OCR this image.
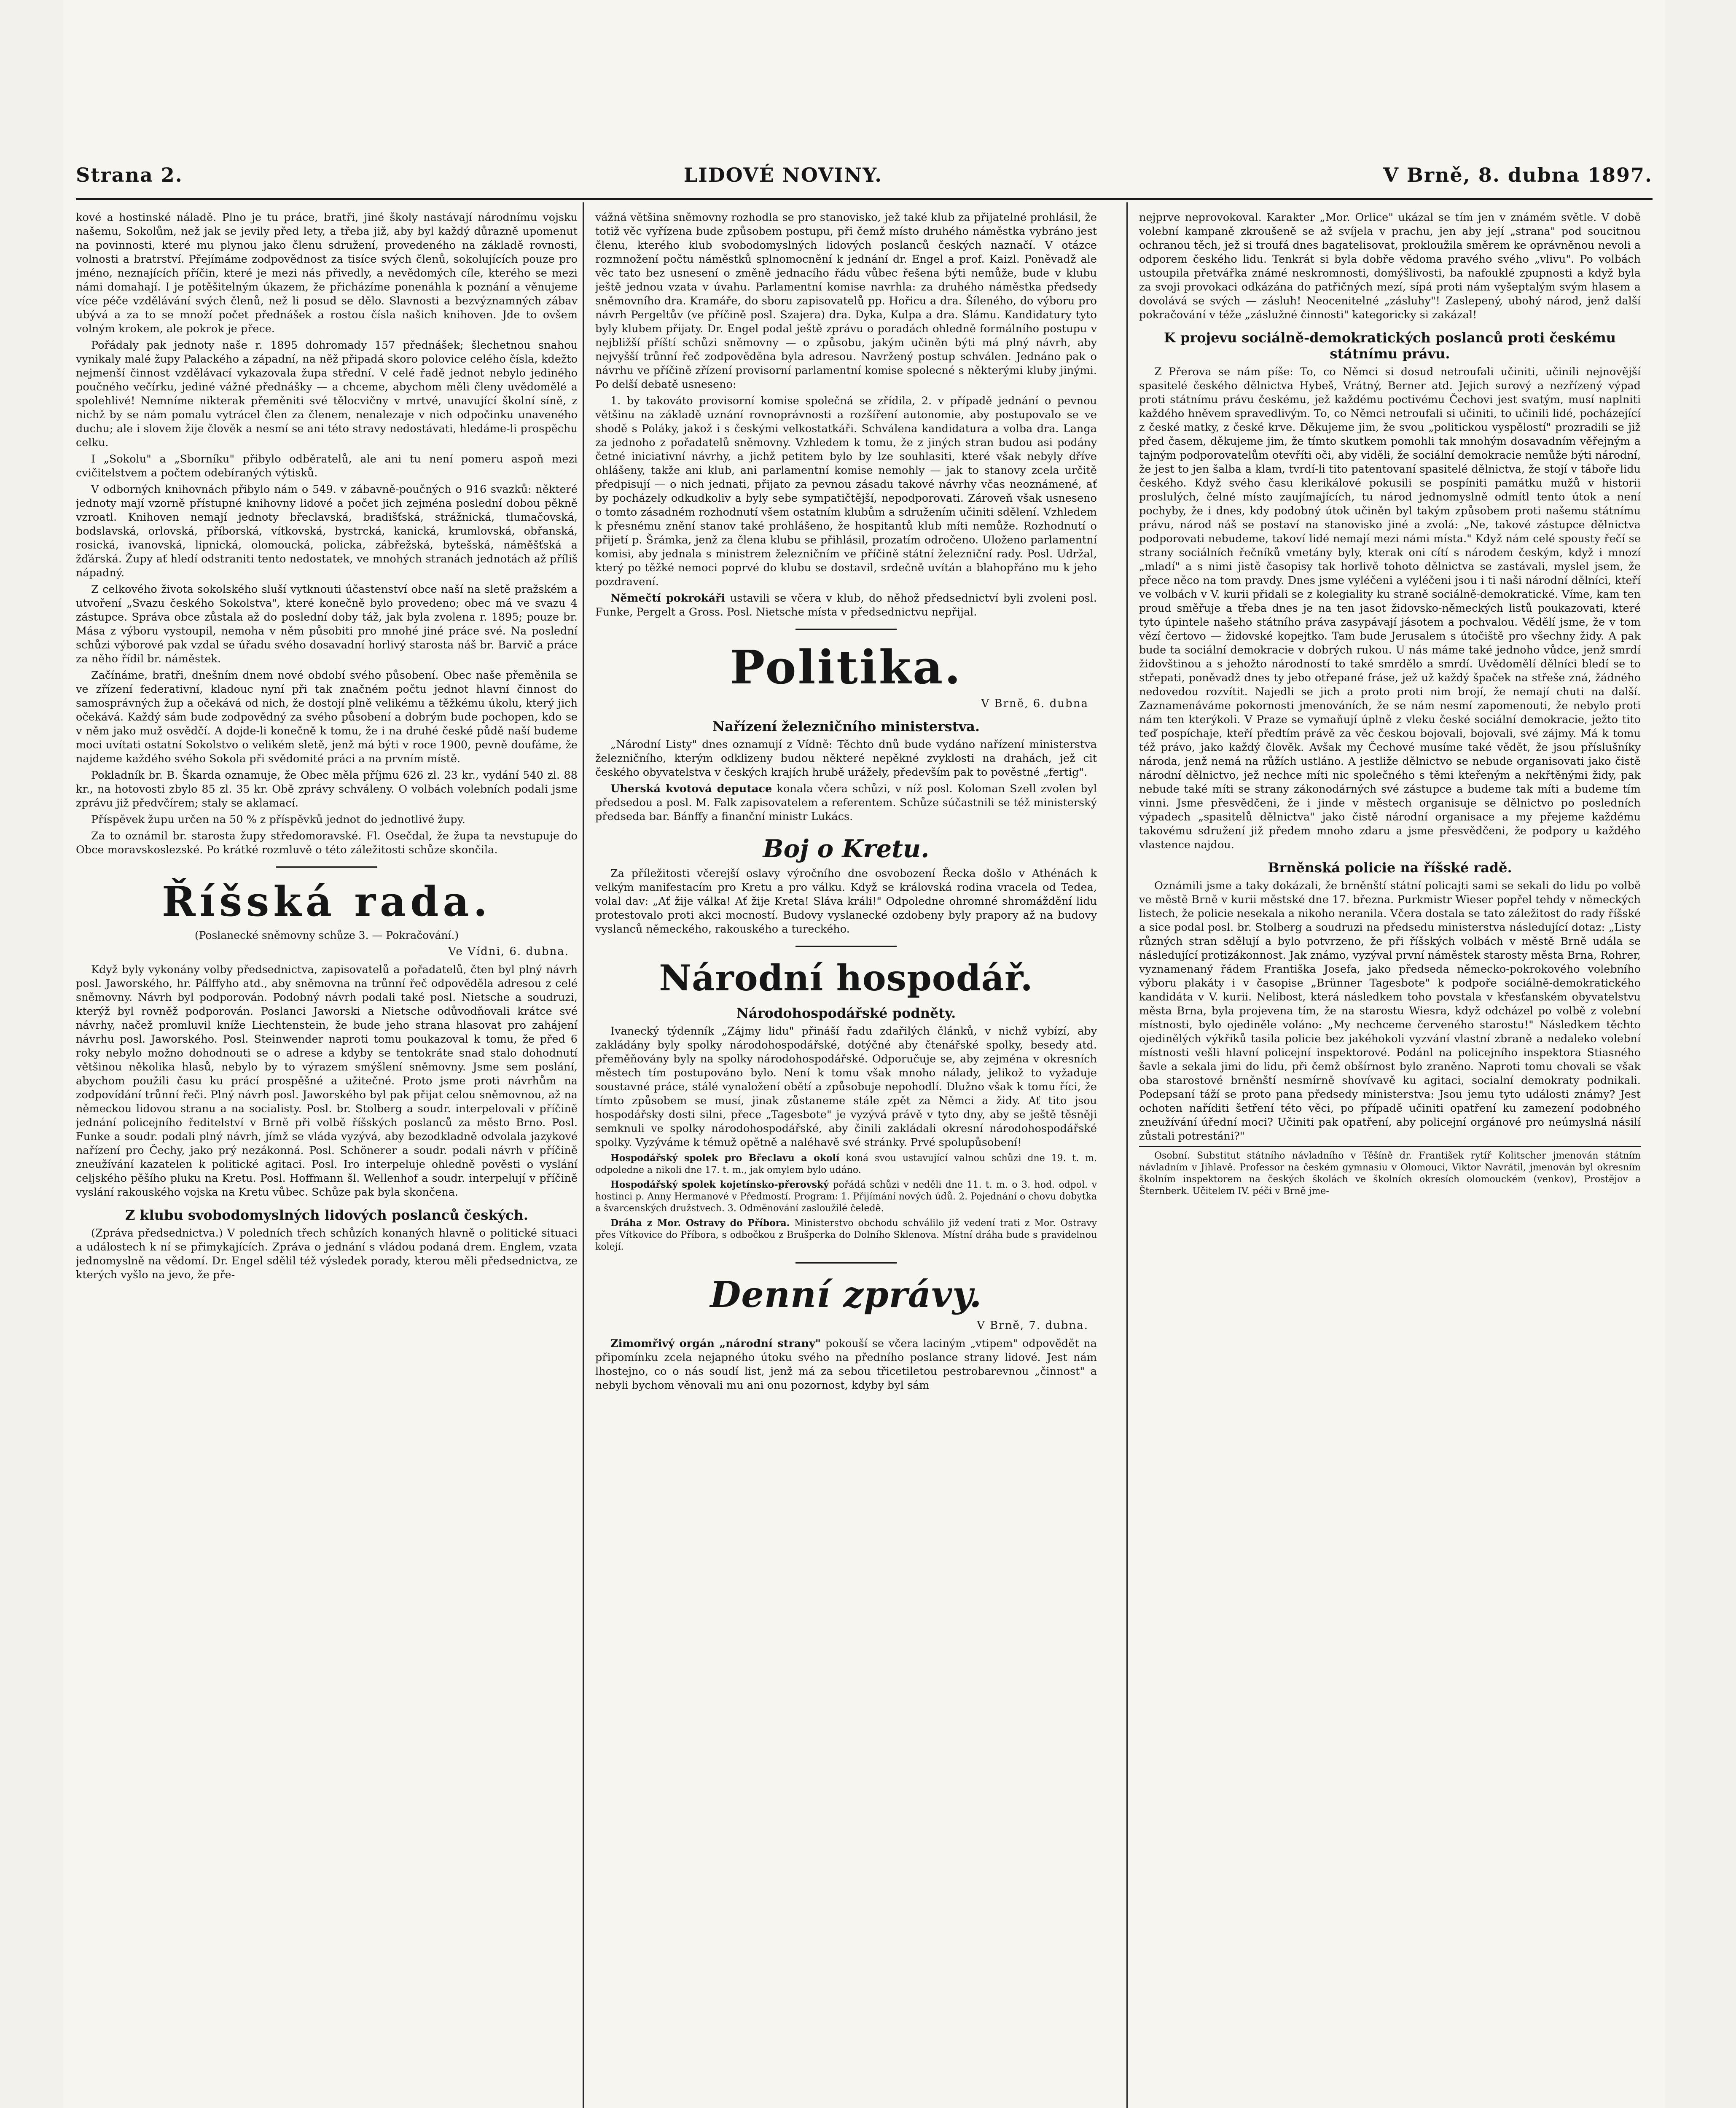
Strana 2.	LIDOVÉ NOVINY.	V Brně, 8. dubna 1897.

kové a hostinské náladě. Plno je tu práce, bratři, jiné školy nastávají národnímu vojsku našemu, Sokolům, než jak se jevily před lety, a třeba již, aby byl každý důrazně upomenut na povinnosti, které mu plynou jako členu sdružení, provedeného na základě rovnosti, volnosti a bratrství. Přejímáme zodpovědnost za tisíce svých členů, sokolujících pouze pro jméno, neznajících příčin, které je mezi nás přivedly, a nevědomých cíle, kterého se mezi námi domahají. I je potěšitelným úkazem, že přicházíme ponenáhla k poznání a věnujeme více péče vzdělávání svých členů, než li posud se dělo. Slavnosti a bezvýznamných zábav ubývá a za to se množí počet přednášek a rostou čísla našich knihoven. Jde to ovšem volným krokem, ale pokrok je přece.

Pořádaly pak jednoty naše r. 1895 dohromady 157 přednášek; šlechetnou snahou vynikaly malé župy Palackého a západní, na něž připadá skoro polovice celého čísla, kdežto nejmenší činnost vzdělávací vykazovala župa střední. V celé řadě jednot nebylo jediného poučného večírku, jediné vážné přednášky — a chceme, abychom měli členy uvědomělé a spolehlivé! Nemníme nikterak přeměniti své tělocvičny v mrtvé, unavující školní síně, z nichž by se nám pomalu vytrácel člen za členem, nenalezaje v nich odpočinku unaveného duchu; ale i slovem žije člověk a nesmí se ani této stravy nedostávati, hledáme-li prospěchu celku.

I „Sokolu" a „Sborníku" přibylo odběratelů, ale ani tu není pomeru aspoň mezi cvičitelstvem a počtem odebíraných výtisků.

V odborných knihovnách přibylo nám o 549. v zábavně-poučných o 916 svazků: některé jednoty mají vzorně přístupné knihovny lidové a počet jich zejména poslední dobou pěkně vzroatl. Knihoven nemají jednoty břeclavská, bradišťská, strážnická, tlumačovská, bodslavská, orlovská, příborská, vítkovská, bystrcká, kanická, krumlovská, obřanská, rosická, ivanovská, lipnická, olomoucká, policka, zábřežská, bytešská, náměšťská a žďárská. Župy ať hledí odstraniti tento nedostatek, ve mnohých stranách jednotách až příliš nápadný.

Z celkového života sokolského sluší vytknouti účastenství obce naší na sletě pražském a utvoření „Svazu českého Sokolstva", které konečně bylo provedeno; obec má ve svazu 4 zástupce. Správa obce zůstala až do poslední doby táž, jak byla zvolena r. 1895; pouze br. Mása z výboru vystoupil, nemoha v něm působiti pro mnohé jiné práce své. Na poslední schůzi výborové pak vzdal se úřadu svého dosavadní horlivý starosta náš br. Barvič a práce za něho řídil br. náměstek.

Začínáme, bratři, dnešním dnem nové období svého působení. Obec naše přeměnila se ve zřízení federativní, kladouc nyní při tak značném počtu jednot hlavní činnost do samosprávných žup a očekává od nich, že dostojí plně velikému a těžkému úkolu, který jich očekává. Každý sám bude zodpovědný za svého působení a dobrým bude pochopen, kdo se v něm jako muž osvědčí. A dojde-li konečně k tomu, že i na druhé české půdě naší budeme moci uvítati ostatní Sokolstvo o velikém sletě, jenž má býti v roce 1900, pevně doufáme, že najdeme každého svého Sokola při svědomité práci a na prvním místě.

Pokladník br. B. Škarda oznamuje, že Obec měla příjmu 626 zl. 23 kr., vydání 540 zl. 88 kr., na hotovosti zbylo 85 zl. 35 kr. Obě zprávy schváleny. O volbách volebních podali jsme zprávu již předvčírem; staly se aklamací.

Příspěvek župu určen na 50 % z příspěvků jednot do jednotlivé župy.

Za to oznámil br. starosta župy středomoravské. Fl. Osečdal, že župa ta nevstupuje do Obce moravskoslezské. Po krátké rozmluvě o této záležitosti schůze skončila.

Říšská rada.
(Poslanecké sněmovny schůze 3. — Pokračování.)
Ve Vídni, 6. dubna.

Když byly vykonány volby předsednictva, zapisovatelů a pořadatelů, čten byl plný návrh posl. Jaworského, hr. Pálffyho atd., aby sněmovna na trůnní řeč odpověděla adresou z celé sněmovny. Návrh byl podporován. Podobný návrh podali také posl. Nietsche a soudruzi, kterýž byl rovněž podporován. Poslanci Jaworski a Nietsche odůvodňovali krátce své návrhy, načež promluvil kníže Liechtenstein, že bude jeho strana hlasovat pro zahájení návrhu posl. Jaworského. Posl. Steinwender naproti tomu poukazoval k tomu, že před 6 roky nebylo možno dohodnouti se o adrese a kdyby se tentokráte snad stalo dohodnutí většinou několika hlasů, nebylo by to výrazem smýšlení sněmovny. Jsme sem poslání, abychom použili času ku prácí prospěšné a užitečné. Proto jsme proti návrhům na zodpovídání trůnní řeči. Plný návrh posl. Jaworského byl pak přijat celou sněmovnou, až na německou lidovou stranu a na socialisty. Posl. br. Stolberg a soudr. interpelovali v příčině jednání policejního ředitelství v Brně při volbě říšských poslanců za město Brno. Posl. Funke a soudr. podali plný návrh, jímž se vláda vyzývá, aby bezodkladně odvolala jazykové nařízení pro Čechy, jako prý nezákonná. Posl. Schönerer a soudr. podali návrh v příčině zneužívání kazatelen k politické agitaci. Posl. Iro interpeluje ohledně pověsti o vyslání celjského pěšího pluku na Kretu. Posl. Hoffmann šl. Wellenhof a soudr. interpelují v příčině vyslání rakouského vojska na Kretu vůbec. Schůze pak byla skončena.

Z klubu svobodomyslných lidových poslanců českých.

(Zpráva předsednictva.) V poledních třech schůzích konaných hlavně o politické situaci a událostech k ní se přimykajících. Zpráva o jednání s vládou podaná drem. Englem, vzata jednomyslně na vědomí. Dr. Engel sdělil též výsledek porady, kterou měli předsednictva, ze kterých vyšlo na jevo, že pře-

vážná většina sněmovny rozhodla se pro stanovisko, jež také klub za přijatelné prohlásil, že totiž věc vyřízena bude způsobem postupu, při čemž místo druhého náměstka vybráno jest členu, kterého klub svobodomyslných lidových poslanců českých naznačí. V otázce rozmnožení počtu náměstků splnomocnění k jednání dr. Engel a prof. Kaizl. Poněvadž ale věc tato bez usnesení o změně jednacího řádu vůbec řešena býti nemůže, bude v klubu ještě jednou vzata v úvahu. Parlamentní komise navrhla: za druhého náměstka předsedy sněmovního dra. Kramáře, do sboru zapisovatelů pp. Hořicu a dra. Šíleného, do výboru pro návrh Pergeltův (ve příčině posl. Szajera) dra. Dyka, Kulpa a dra. Slámu. Kandidatury tyto byly klubem přijaty. Dr. Engel podal ještě zprávu o poradách ohledně formálního postupu v nejbližší příští schůzi sněmovny — o způsobu, jakým učiněn býti má plný návrh, aby nejvyšší trůnní řeč zodpověděna byla adresou. Navržený postup schválen. Jednáno pak o návrhu ve příčině zřízení provisorní parlamentní komise spolecné s některými kluby jinými. Po delší debatě usneseno:

1. by takováto provisorní komise společná se zřídila, 2. v případě jednání o pevnou většinu na základě uznání rovnoprávnosti a rozšíření autonomie, aby postupovalo se ve shodě s Poláky, jakož i s českými velkostatkáři. Schválena kandidatura a volba dra. Langa za jednoho z pořadatelů sněmovny. Vzhledem k tomu, že z jiných stran budou asi podány četné iniciativní návrhy, a jichž petitem bylo by lze souhlasiti, které však nebyly dříve ohlášeny, takže ani klub, ani parlamentní komise nemohly — jak to stanovy zcela určitě předpisují — o nich jednati, přijato za pevnou zásadu takové návrhy včas neoznámené, ať by pocházely odkudkoliv a byly sebe sympatičtější, nepodporovati. Zároveň však usneseno o tomto zásadném rozhodnutí všem ostatním klubům a sdružením učiniti sdělení. Vzhledem k přesnému znění stanov také prohlášeno, že hospitantů klub míti nemůže. Rozhodnutí o přijetí p. Šrámka, jenž za člena klubu se přihlásil, prozatím odročeno. Uloženo parlamentní komisi, aby jednala s ministrem železničním ve příčině státní železniční rady. Posl. Udržal, který po těžké nemoci poprvé do klubu se dostavil, srdečně uvítán a blahopřáno mu k jeho pozdravení.

Němečtí pokrokáři ustavili se včera v klub, do něhož předsednictví byli zvoleni posl. Funke, Pergelt a Gross. Posl. Nietsche místa v předsednictvu nepřijal.

Politika.
V Brně, 6. dubna
Nařízení železničního ministerstva.

„Národní Listy" dnes oznamují z Vídně: Těchto dnů bude vydáno nařízení ministerstva železničního, kterým odklizeny budou některé nepěkné zvyklosti na drahách, jež cit českého obyvatelstva v českých krajích hrubě urážely, především pak to pověstné „fertig".

Uherská kvotová deputace konala včera schůzi, v níž posl. Koloman Szell zvolen byl předsedou a posl. M. Falk zapisovatelem a referentem. Schůze súčastnili se též ministerský předseda bar. Bánffy a finanční ministr Lukács.

Boj o Kretu.

Za příležitosti včerejší oslavy výročního dne osvobození Řecka došlo v Athénách k velkým manifestacím pro Kretu a pro válku. Když se královská rodina vracela od Tedea, volal dav: „Ať žije válka! Ať žije Kreta! Sláva králi!" Odpoledne ohromné shromáždění lidu protestovalo proti akci mocností. Budovy vyslanecké ozdobeny byly prapory až na budovy vyslanců německého, rakouského a tureckého.

Národní hospodář.
Národohospodářské podněty.

Ivanecký týdenník „Zájmy lidu" přináší řadu zdařilých článků, v nichž vybízí, aby zakládány byly spolky národohospodářské, dotýčné aby čtenářské spolky, besedy atd. přeměňovány byly na spolky národohospodářské. Odporučuje se, aby zejména v okresních městech tím postupováno bylo. Není k tomu však mnoho nálady, jelikož to vyžaduje soustavné práce, stálé vynaložení obětí a způsobuje nepohodlí. Dlužno však k tomu říci, že tímto způsobem se musí, jinak zůstaneme stále zpět za Němci a židy. Ať tito jsou hospodářsky dosti silni, přece „Tagesbote" je vyzývá právě v tyto dny, aby se ještě těsněji semknuli ve spolky národohospodářské, aby činili zakládali okresní národohospodářské spolky. Vyzýváme k témuž opětně a naléhavě své stránky. Prvé spolupůsobení!

Hospodářský spolek pro Břeclavu a okolí koná svou ustavující valnou schůzi dne 19. t. m. odpoledne a nikoli dne 17. t. m., jak omylem bylo udáno.

Hospodářský spolek kojetínsko-přerovský pořádá schůzi v neděli dne 11. t. m. o 3. hod. odpol. v hostinci p. Anny Hermanové v Předmostí. Program: 1. Přijímání nových údů. 2. Pojednání o chovu dobytka a švarcenských družstvech. 3. Odměnování zasloužilé čeledě.

Dráha z Mor. Ostravy do Příbora. Ministerstvo obchodu schválilo již vedení trati z Mor. Ostravy přes Vítkovice do Příbora, s odbočkou z Brušperka do Dolního Sklenova. Místní dráha bude s pravidelnou kolejí.

Denní zprávy.
V Brně, 7. dubna.

Zimomřivý orgán „národní strany" pokouší se včera laciným „vtipem" odpovědět na připomínku zcela nejapného útoku svého na předního poslance strany lidové. Jest nám lhostejno, co o nás soudí list, jenž má za sebou třicetiletou pestrobarevnou „činnost" a nebyli bychom věnovali mu ani onu pozornost, kdyby byl sám

nejprve neprovokoval. Karakter „Mor. Orlice" ukázal se tím jen v známém světle. V době volební kampaně zkroušeně se až svíjela v prachu, jen aby její „strana" pod soucitnou ochranou těch, jež si troufá dnes bagatelisovat, prokloužila směrem ke oprávněnou nevoli a odporem českého lidu. Tenkrát si byla dobře vědoma pravého svého „vlivu". Po volbách ustoupila přetvářka známé neskromnosti, domýšlivosti, ba nafouklé zpupnosti a když byla za svoji provokaci odkázána do patřičných mezí, sípá proti nám vyšeptalým svým hlasem a dovolává se svých — zásluh! Neocenitelné „zásluhy"! Zaslepený, ubohý národ, jenž další pokračování v téže „záslužné činnosti" kategoricky si zakázal!

K projevu sociálně-demokratických poslanců proti českému státnímu právu.

Z Přerova se nám píše: To, co Němci si dosud netroufali učiniti, učinili nejnovější spasitelé českého dělnictva Hybeš, Vrátný, Berner atd. Jejich surový a nezřízený výpad proti státnímu právu českému, jež každému poctivému Čechovi jest svatým, musí naplniti každého hněvem spravedlivým. To, co Němci netroufali si učiniti, to učinili lidé, pocházející z české matky, z české krve. Děkujeme jim, že svou „politickou vyspělostí" prozradili se již před časem, děkujeme jim, že tímto skutkem pomohli tak mnohým dosavadním věřejným a tajným podporovatelům otevříti oči, aby viděli, že sociální demokracie nemůže býti národní, že jest to jen šalba a klam, tvrdí-li tito patentovaní spasitelé dělnictva, že stojí v táboře lidu českého. Když svého času klerikálové pokusili se pospíniti památku mužů v historii proslulých, čelné místo zaujímajících, tu národ jednomyslně odmítl tento útok a není pochyby, že i dnes, kdy podobný útok učiněn byl takým způsobem proti našemu státnímu právu, národ náš se postaví na stanovisko jiné a zvolá: „Ne, takové zástupce dělnictva podporovati nebudeme, takoví lidé nemají mezi námi místa." Když nám celé spousty řečí se strany sociálních řečníků vmetány byly, kterak oni cítí s národem českým, když i mnozí „mladí" a s nimi jistě časopisy tak horlivě tohoto dělnictva se zastávali, myslel jsem, že přece něco na tom pravdy. Dnes jsme vyléčeni a vyléčeni jsou i ti naši národní dělníci, kteří ve volbách v V. kurii přidali se z kolegiality ku straně sociálně-demokratické. Víme, kam ten proud směřuje a třeba dnes je na ten jasot židovsko-německých listů poukazovati, které tyto úpintele našeho státního práva zasypávají jásotem a pochvalou. Vědělí jsme, že v tom vězí čertovo — židovské kopejtko. Tam bude Jerusalem s útočiště pro všechny židy. A pak bude ta sociální demokracie v dobrých rukou. U nás máme také jednoho vůdce, jenž smrdí židovštinou a s jehožto národností to také smrdělo a smrdí. Uvědomělí dělníci bledí se to střepati, poněvadž dnes ty jebo otřepané fráse, jež už každý špaček na střeše zná, žádného nedovedou rozvítit. Najedli se jich a proto proti nim brojí, že nemají chuti na další. Zaznamenáváme pokornosti jmenováních, že se nám nesmí zapomenouti, že nebylo proti nám ten kterýkoli. V Praze se vymaňují úplně z vleku české sociální demokracie, ježto tito teď pospíchaje, kteří předtím právě za věc českou bojovali, bojovali, své zájmy. Má k tomu též právo, jako každý člověk. Avšak my Čechové musíme také vědět, že jsou příslušníky národa, jenž nemá na růžích ustláno. A jestliže dělnictvo se nebude organisovati jako čistě národní dělnictvo, jež nechce míti nic společného s těmi kteřeným a nekřtěnými židy, pak nebude také míti se strany zákonodárných své zástupce a budeme tak míti a budeme tím vinni. Jsme přesvědčeni, že i jinde v městech organisuje se dělnictvo po posledních výpadech „spasitelů dělnictva" jako čistě národní organisace a my přejeme každému takovému sdružení již předem mnoho zdaru a jsme přesvědčeni, že podpory u každého vlastence najdou.

Brněnská policie na říšské radě.

Oznámili jsme a taky dokázali, že brněnští státní policajti sami se sekali do lidu po volbě ve městě Brně v kurii městské dne 17. března. Purkmistr Wieser popřel tehdy v německých listech, že policie nesekala a nikoho neranila. Včera dostala se tato záležitost do rady říšské a sice podal posl. br. Stolberg a soudruzi na předsedu ministerstva následující dotaz: „Listy různých stran sdělují a bylo potvrzeno, že při říšských volbách v městě Brně udála se následující protizákonnost. Jak známo, vyzýval první náměstek starosty města Brna, Rohrer, vyznamenaný řádem Františka Josefa, jako předseda německo-pokrokového volebního výboru plakáty i v časopise „Brünner Tagesbote" k podpoře sociálně-demokratického kandidáta v V. kurii. Nelibost, která následkem toho povstala v křesťanském obyvatelstvu města Brna, byla projevena tím, že na starostu Wiesra, když odcházel po volbě z volební místnosti, bylo ojediněle voláno: „My nechceme červeného starostu!" Následkem těchto ojedinělých výkřiků tasila policie bez jakéhokoli vyzvání vlastní zbraně a nedaleko volební místnosti vešli hlavní policejní inspektorové. Podánl na policejního inspektora Stiasného šavle a sekala jimi do lidu, při čemž obšírnost bylo zraněno. Naproti tomu chovali se však oba starostové brněnští nesmírně shovívavě ku agitaci, socialní demokraty podnikali. Podepsaní táží se proto pana předsedy ministerstva: Jsou jemu tyto události známy? Jest ochoten naříditi šetření této věci, po případě učiniti opatření ku zamezení podobného zneužívání úřední moci? Učiniti pak opatření, aby policejní orgánové pro neúmyslná násilí zůstali potrestáni?"

Osobní. Substitut státního návladního v Těšíně dr. František rytíř Kolitscher jmenován státním návladním v Jihlavě. Professor na českém gymnasiu v Olomouci, Viktor Navrátil, jmenován byl okresním školním inspektorem na českých školách ve školních okresích olomouckém (venkov), Prostějov a Šternberk. Učitelem IV. péči v Brně jme-
